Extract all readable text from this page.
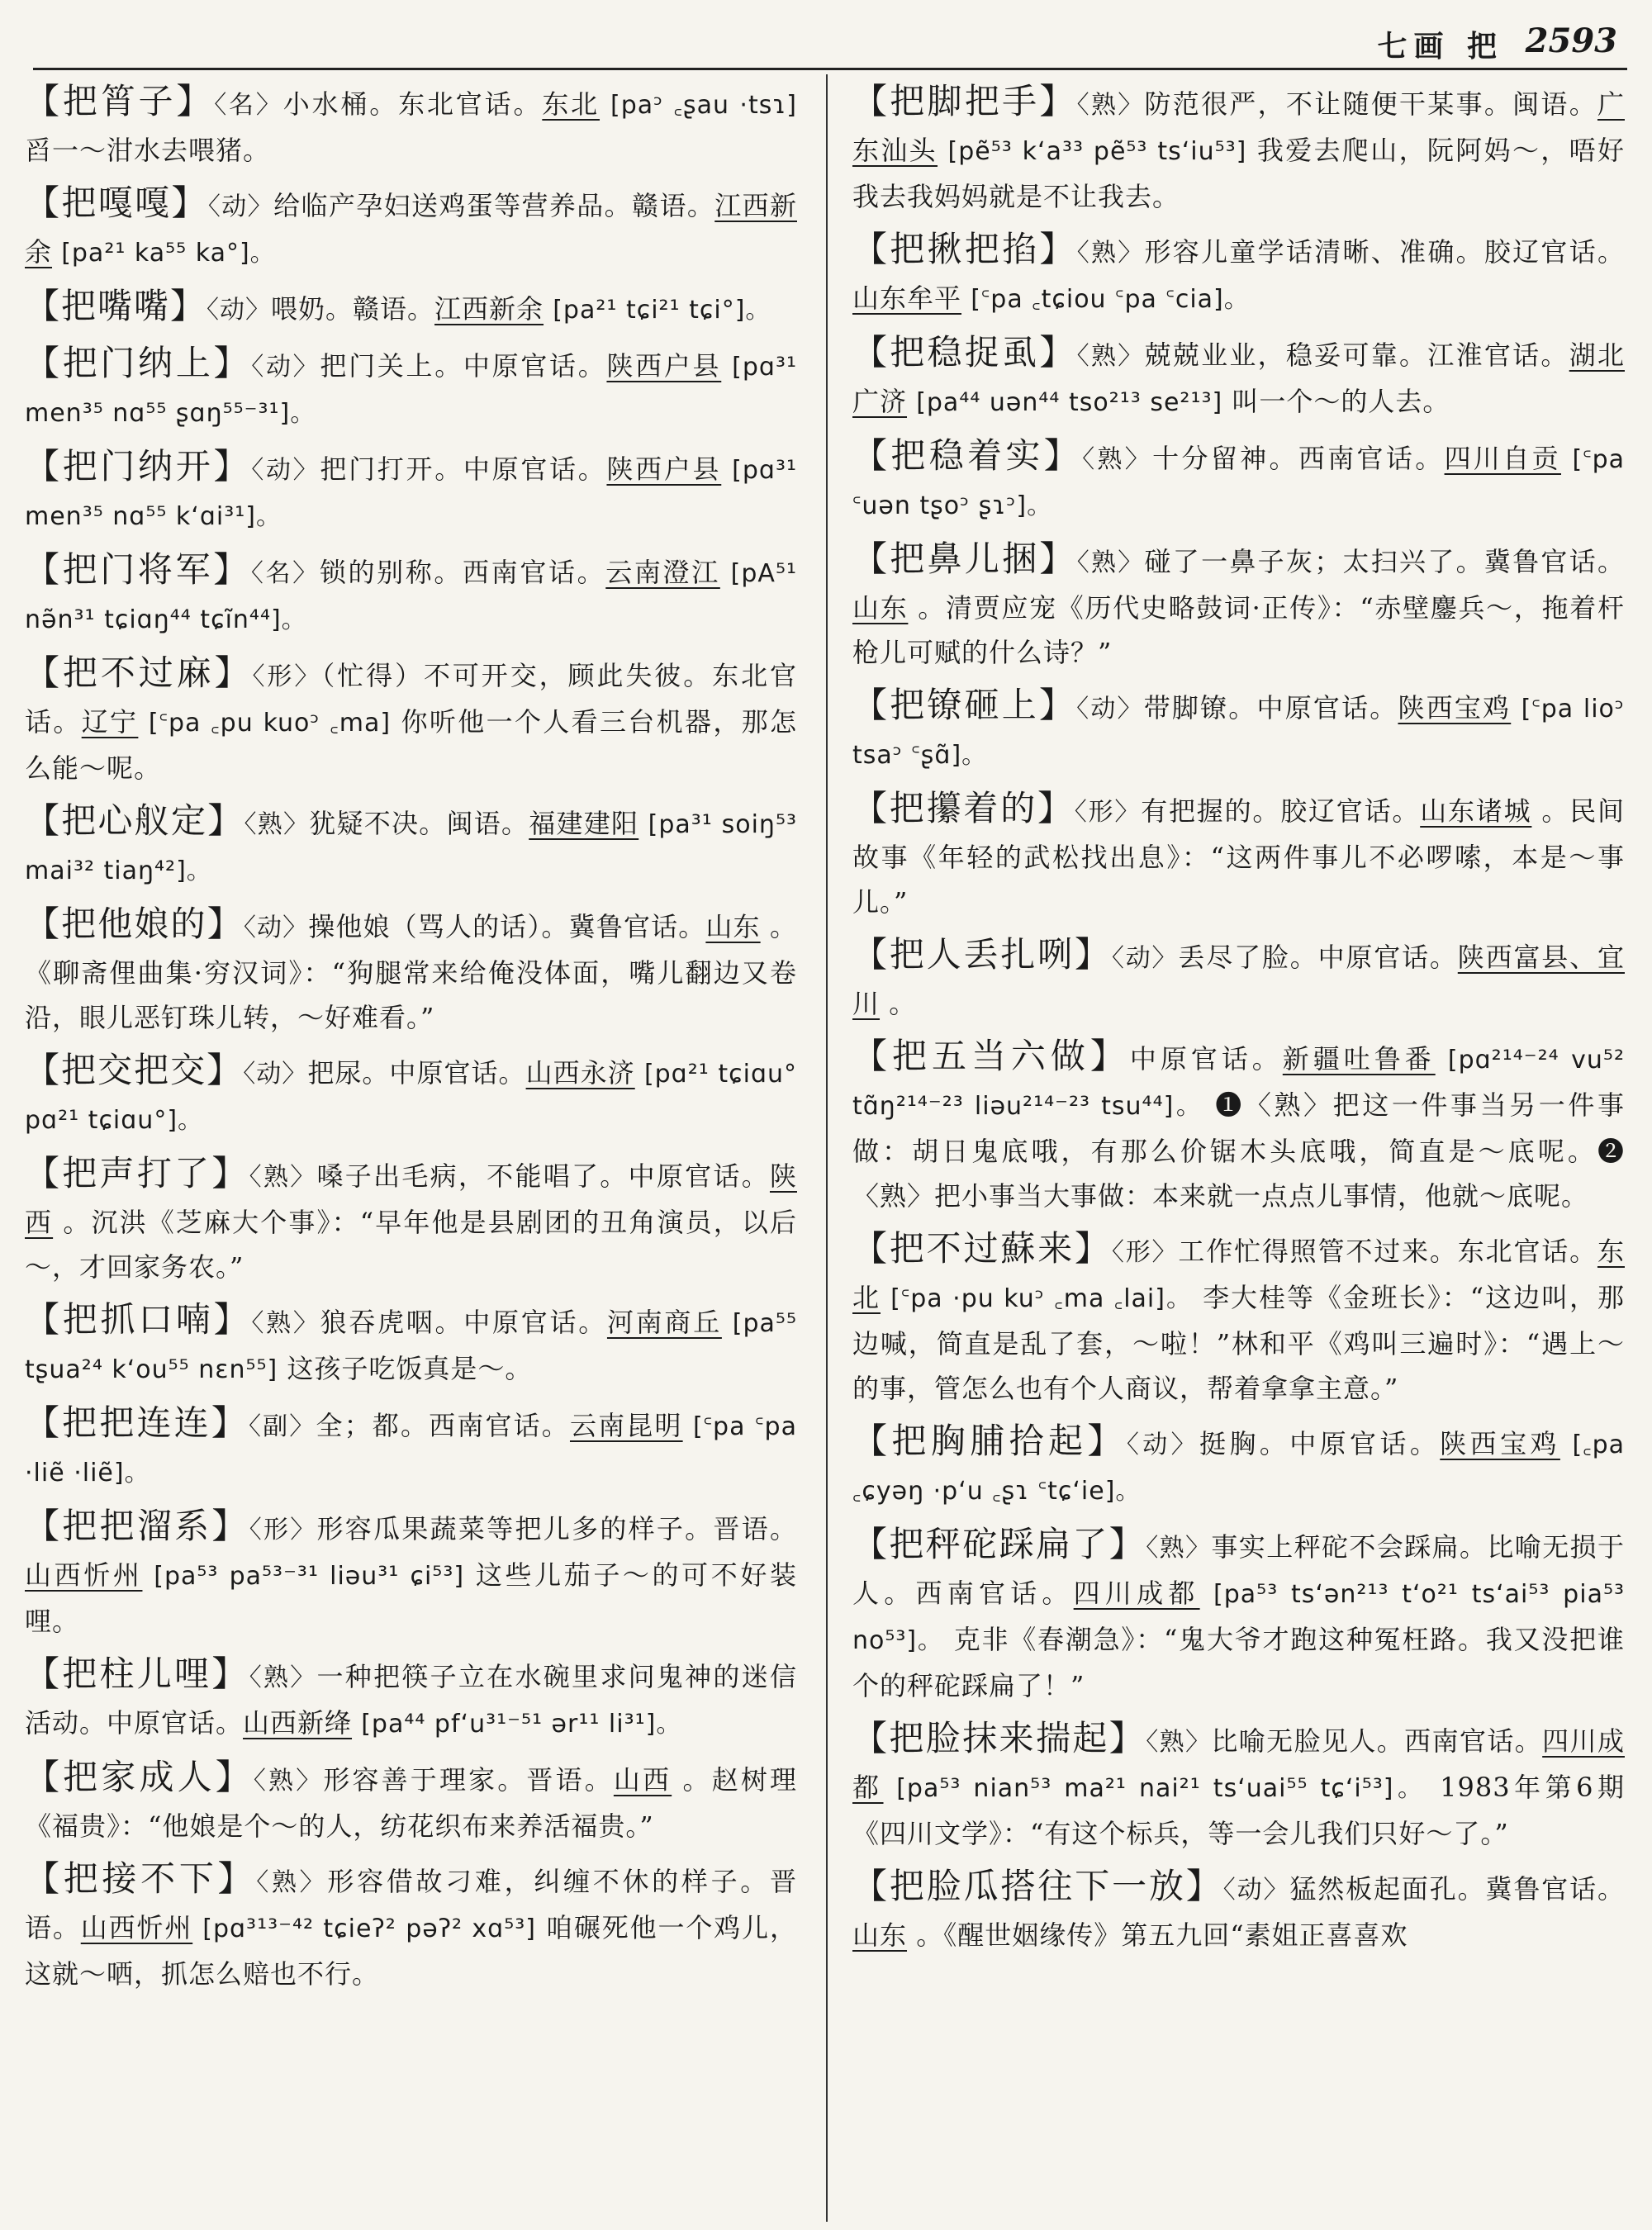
七画 把 2593
【把筲子】〈名〉小水桶。东北官话。东北 [paᵓ ꜀ʂau ·tsɿ] 舀一～泔水去喂猪。
【把嘎嘎】〈动〉给临产孕妇送鸡蛋等营养品。赣语。江西新余 [pa²¹ ka⁵⁵ ka°]。
【把嘴嘴】〈动〉喂奶。赣语。江西新余 [pa²¹ tɕi²¹ tɕi°]。
【把门纳上】〈动〉把门关上。中原官话。陕西户县 [pɑ³¹ men³⁵ nɑ⁵⁵ ʂɑŋ⁵⁵⁻³¹]。
【把门纳开】〈动〉把门打开。中原官话。陕西户县 [pɑ³¹ men³⁵ nɑ⁵⁵ kʻɑi³¹]。
【把门将军】〈名〉锁的别称。西南官话。云南澄江 [pA⁵¹ nə̃n³¹ tɕiɑŋ⁴⁴ tɕĩn⁴⁴]。
【把不过麻】〈形〉（忙得）不可开交，顾此失彼。东北官话。辽宁 [꜂pa ꜀pu kuoᵓ ꜀ma] 你听他一个人看三台机器，那怎么能～呢。
【把心舣定】〈熟〉犹疑不决。闽语。福建建阳 [pa³¹ soiŋ⁵³ mai³² tiaŋ⁴²]。
【把他娘的】〈动〉操他娘（骂人的话）。冀鲁官话。山东 。《聊斋俚曲集·穷汉词》：“狗腿常来给俺没体面，嘴儿翻边又卷沿，眼儿恶钉珠儿转，～好难看。”
【把交把交】〈动〉把尿。中原官话。山西永济 [pɑ²¹ tɕiɑu° pɑ²¹ tɕiɑu°]。
【把声打了】〈熟〉嗓子出毛病，不能唱了。中原官话。陕西 。沉洪《芝麻大个事》：“早年他是县剧团的丑角演员，以后～，才回家务农。”
【把抓口喃】〈熟〉狼吞虎咽。中原官话。河南商丘 [pa⁵⁵ tʂua²⁴ kʻou⁵⁵ nɛn⁵⁵] 这孩子吃饭真是～。
【把把连连】〈副〉全；都。西南官话。云南昆明 [꜂pa ꜂pa ·liẽ ·liẽ]。
【把把溜系】〈形〉形容瓜果蔬菜等把儿多的样子。晋语。山西忻州 [pa⁵³ pa⁵³⁻³¹ liəu³¹ ɕi⁵³] 这些儿茄子～的可不好装哩。
【把柱儿哩】〈熟〉一种把筷子立在水碗里求问鬼神的迷信活动。中原官话。山西新绛 [pa⁴⁴ pfʻu³¹⁻⁵¹ ər¹¹ li³¹]。
【把家成人】〈熟〉形容善于理家。晋语。山西 。赵树理《福贵》：“他娘是个～的人，纺花织布来养活福贵。”
【把接不下】〈熟〉形容借故刁难，纠缠不休的样子。晋语。山西忻州 [pɑ³¹³⁻⁴² tɕieʔ² pəʔ² xɑ⁵³] 咱碾死他一个鸡儿，这就～哂，抓怎么赔也不行。
【把脚把手】〈熟〉防范很严，不让随便干某事。闽语。广东汕头 [pẽ⁵³ kʻa³³ pẽ⁵³ tsʻiu⁵³] 我爱去爬山，阮阿妈～，唔好我去我妈妈就是不让我去。
【把揪把掐】〈熟〉形容儿童学话清晰、准确。胶辽官话。山东牟平 [꜂pa ꜀tɕiou ꜂pa ꜂cia]。
【把稳捉虱】〈熟〉兢兢业业，稳妥可靠。江淮官话。湖北广济 [pa⁴⁴ uən⁴⁴ tso²¹³ se²¹³] 叫一个～的人去。
【把稳着实】〈熟〉十分留神。西南官话。四川自贡 [꜂pa ꜂uən tʂoᵓ ʂɿᵓ]。
【把鼻儿捆】〈熟〉碰了一鼻子灰；太扫兴了。冀鲁官话。山东 。清贾应宠《历代史略鼓词·正传》：“赤壁鏖兵～，拖着杆枪儿可赋的什么诗？”
【把镣砸上】〈动〉带脚镣。中原官话。陕西宝鸡 [꜂pa lioᵓ tsaᵓ ꜂ʂɑ̃]。
【把攥着的】〈形〉有把握的。胶辽官话。山东诸城 。民间故事《年轻的武松找出息》：“这两件事儿不必啰嗦，本是～事儿。”
【把人丢扎咧】〈动〉丢尽了脸。中原官话。陕西富县、宜川 。
【把五当六做】中原官话。新疆吐鲁番 [pɑ²¹⁴⁻²⁴ vu⁵² tɑ̃ŋ²¹⁴⁻²³ liəu²¹⁴⁻²³ tsu⁴⁴]。 ❶〈熟〉把这一件事当另一件事做：胡日鬼底哦，有那么价锯木头底哦，简直是～底呢。❷〈熟〉把小事当大事做：本来就一点点儿事情，他就～底呢。
【把不过蘇来】〈形〉工作忙得照管不过来。东北官话。东北 [꜂pa ·pu kuᵓ ꜀ma ꜀lai]。 李大桂等《金班长》：“这边叫，那边喊，简直是乱了套，～啦！”林和平《鸡叫三遍时》：“遇上～的事，管怎么也有个人商议，帮着拿拿主意。”
【把胸脯拾起】〈动〉挺胸。中原官话。陕西宝鸡 [꜀pa ꜀ɕyəŋ ·pʻu ꜀ʂɿ ꜂tɕʻie]。
【把秤砣踩扁了】〈熟〉事实上秤砣不会踩扁。比喻无损于人。西南官话。四川成都 [pa⁵³ tsʻən²¹³ tʻo²¹ tsʻai⁵³ pia⁵³ no⁵³]。 克非《春潮急》：“鬼大爷才跑这种冤枉路。我又没把谁个的秤砣踩扁了！”
【把脸抹来揣起】〈熟〉比喻无脸见人。西南官话。四川成都 [pa⁵³ nian⁵³ ma²¹ nai²¹ tsʻuai⁵⁵ tɕʻi⁵³]。 1983年第6期《四川文学》：“有这个标兵，等一会儿我们只好～了。”
【把脸瓜搭往下一放】〈动〉猛然板起面孔。冀鲁官话。山东 。《醒世姻缘传》第五九回“素姐正喜喜欢
